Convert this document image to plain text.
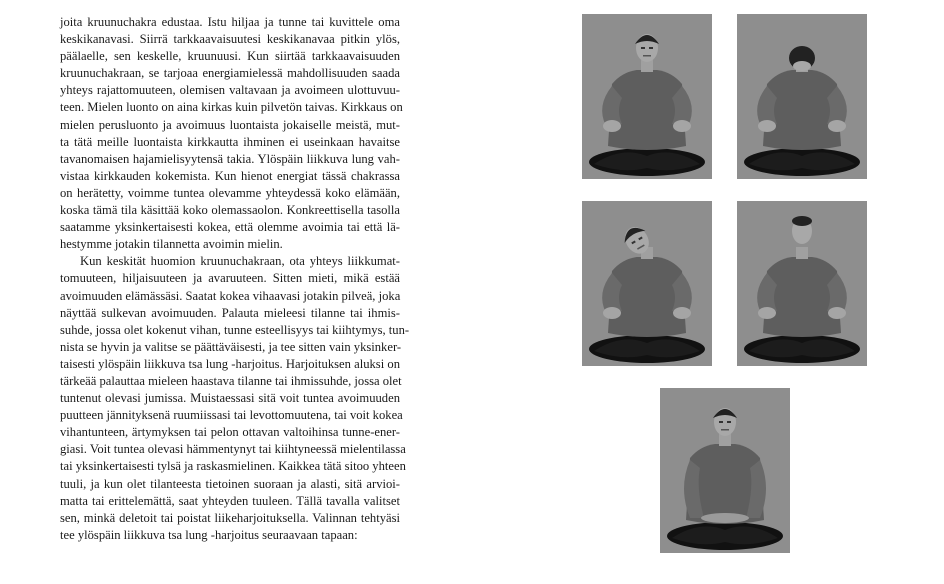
joita kruunuchakra edustaa. Istu hiljaa ja tunne tai kuvittele oma
keskikanavasi. Siirrä tarkkaavaisuutesi keskikanavaa pitkin ylös,
päälaelle, sen keskelle, kruunuusi. Kun siirtää tarkkaavaisuuden
kruunuchakraan, se tarjoaa energiamielessä mahdollisuuden saada
yhteys rajattomuuteen, olemisen valtavaan ja avoimeen ulottuvuu-
teen. Mielen luonto on aina kirkas kuin pilvetön taivas. Kirkkaus on
mielen perusluonto ja avoimuus luontaista jokaiselle meistä, mut-
ta tätä meille luontaista kirkkautta ihminen ei useinkaan havaitse
tavanomaisen hajamielisyytensä takia. Ylöspäin liikkuva lung vah-
vistaa kirkkauden kokemista. Kun hienot energiat tässä chakrassa
on herätetty, voimme tuntea olevamme yhteydessä koko elämään,
koska tämä tila käsittää koko olemassaolon. Konkreettisella tasolla
saatamme yksinkertaisesti kokea, että olemme avoimia tai että lä-
hestymme jotakin tilannetta avoimin mielin.
Kun keskität huomion kruunuchakraan, ota yhteys liikkumat-
tomuuteen, hiljaisuuteen ja avaruuteen. Sitten mieti, mikä estää
avoimuuden elämässäsi. Saatat kokea vihaavasi jotakin pilveä, joka
näyttää sulkevan avoimuuden. Palauta mieleesi tilanne tai ihmis-
suhde, jossa olet kokenut vihan, tunne esteellisyys tai kiihtymys, tun-
nista se hyvin ja valitse se päättäväisesti, ja tee sitten vain yksinker-
taisesti ylöspäin liikkuva tsa lung -harjoitus. Harjoituksen aluksi on
tärkeää palauttaa mieleen haastava tilanne tai ihmissuhde, jossa olet
tuntenut olevasi jumissa. Muistaessasi sitä voit tuntea avoimuuden
puutteen jännityksenä ruumiissasi tai levottomuutena, tai voit kokea
vihantunteen, ärtymyksen tai pelon ottavan valtoihinsa tunne-ener-
giasi. Voit tuntea olevasi hämmentynyt tai kiihtyneessä mielentilassa
tai yksinkertaisesti tylsä ja raskasmielinen. Kaikkea tätä sitoo yhteen
tuuli, ja kun olet tilanteesta tietoinen suoraan ja alasti, sitä arvioi-
matta tai erittelemättä, saat yhteyden tuuleen. Tällä tavalla valitset
sen, minkä deletoit tai poistat liikeharjoituksella. Valinnan tehtyäsi
tee ylöspäin liikkuva tsa lung -harjoitus seuraavaan tapaan:
